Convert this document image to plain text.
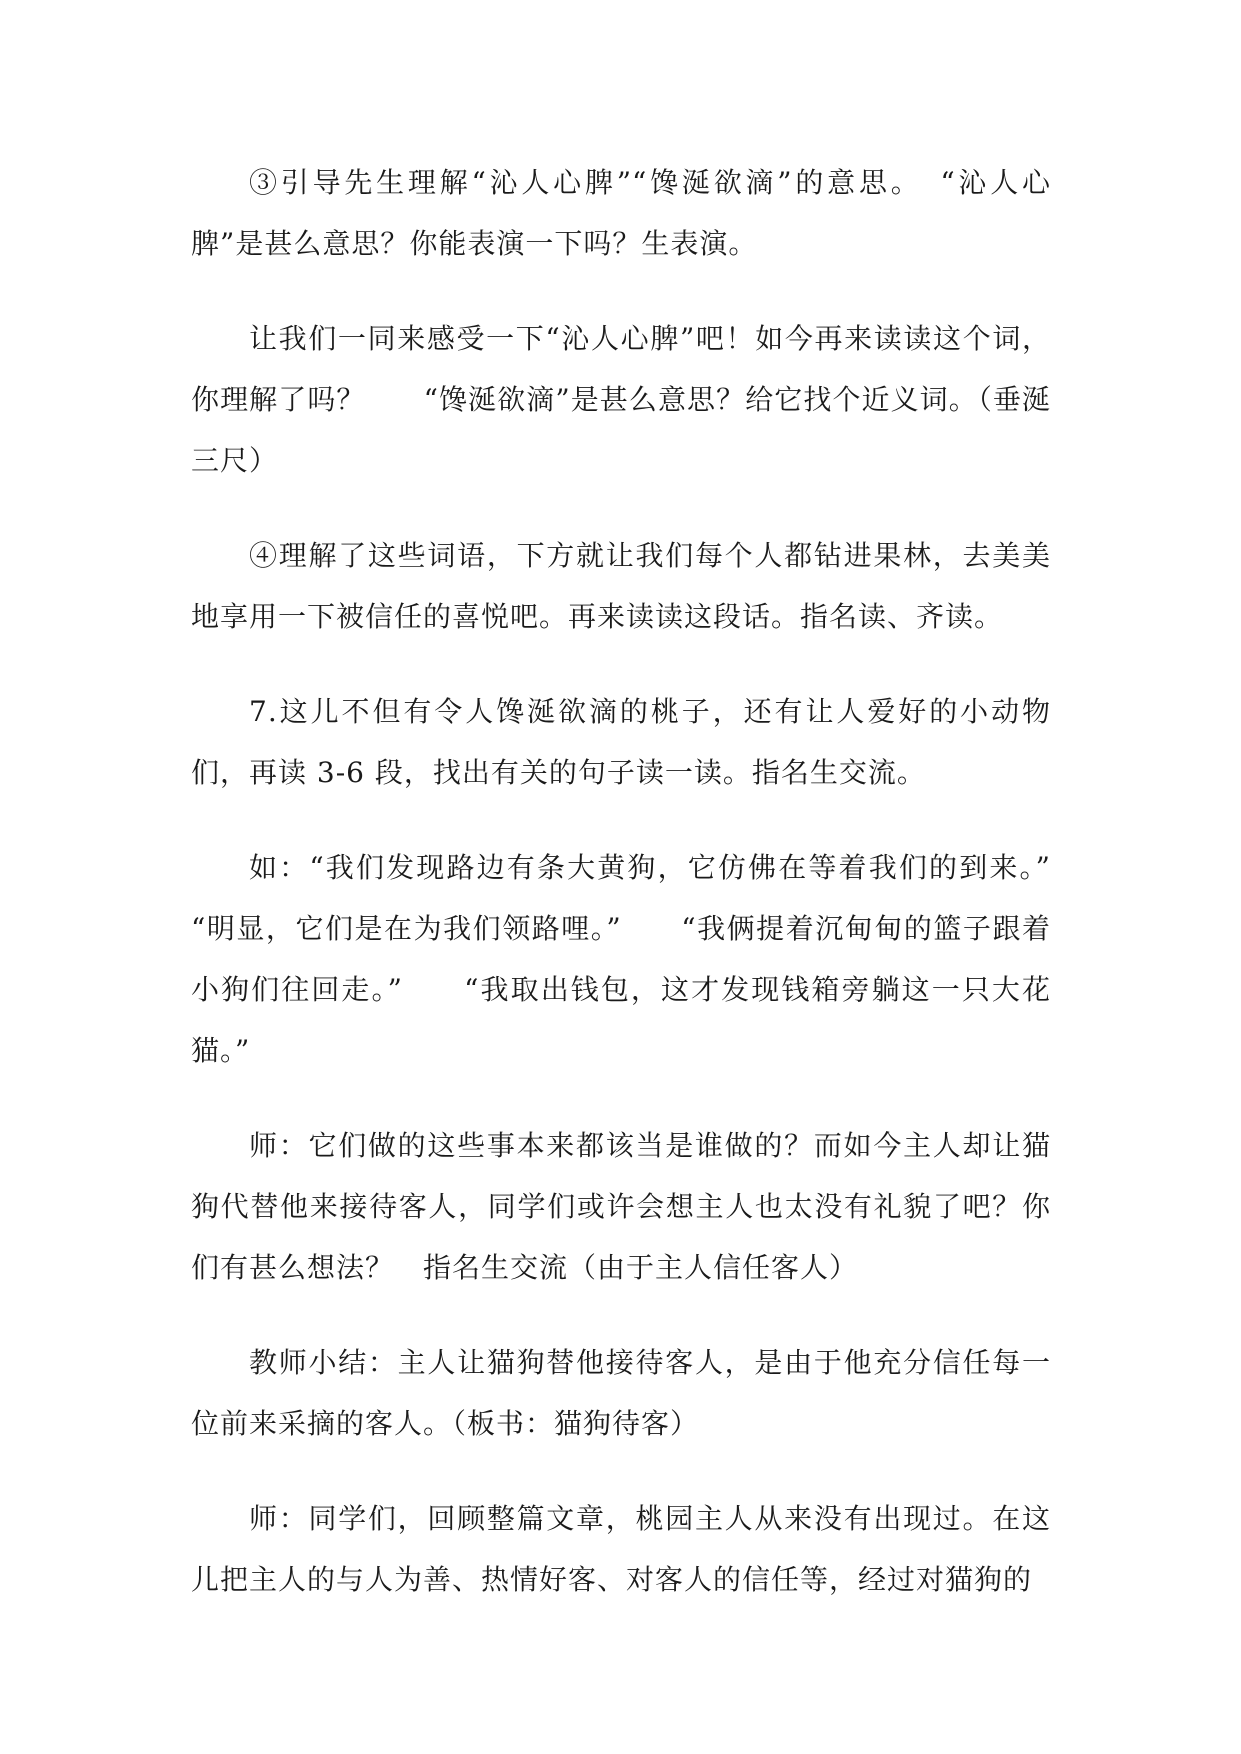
③引导先生理解“沁人心脾”“馋涎欲滴”的意思。　“沁人心脾”是甚么意思？你能表演一下吗？生表演。

让我们一同来感受一下“沁人心脾”吧！如今再来读读这个词，你理解了吗？　　“馋涎欲滴”是甚么意思？给它找个近义词。（垂涎三尺）

④理解了这些词语，下方就让我们每个人都钻进果林，去美美地享用一下被信任的喜悦吧。再来读读这段话。指名读、齐读。

7.这儿不但有令人馋涎欲滴的桃子，还有让人爱好的小动物们，再读 3-6 段，找出有关的句子读一读。指名生交流。

如：“我们发现路边有条大黄狗，它仿佛在等着我们的到来。”　　“明显，它们是在为我们领路哩。”　　“我俩提着沉甸甸的篮子跟着小狗们往回走。”　　“我取出钱包，这才发现钱箱旁躺这一只大花猫。”

师：它们做的这些事本来都该当是谁做的？而如今主人却让猫狗代替他来接待客人，同学们或许会想主人也太没有礼貌了吧？你们有甚么想法？　指名生交流（由于主人信任客人）

教师小结：主人让猫狗替他接待客人，是由于他充分信任每一位前来采摘的客人。（板书：猫狗待客）

师：同学们，回顾整篇文章，桃园主人从来没有出现过。在这儿把主人的与人为善、热情好客、对客人的信任等，经过对猫狗的
